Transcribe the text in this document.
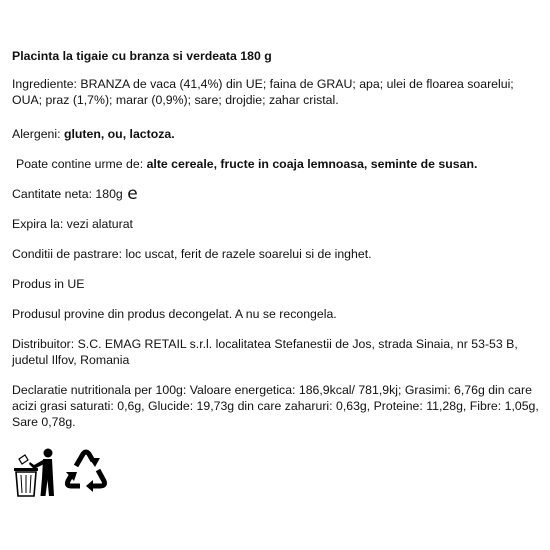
Placinta la tigaie cu branza si verdeata 180 g

Ingrediente: BRANZA de vaca (41,4%) din UE; faina de GRAU; apa; ulei de floarea soarelui; OUA; praz (1,7%); marar (0,9%); sare; drojdie; zahar cristal.

Alergeni: gluten, ou, lactoza.

Poate contine urme de: alte cereale, fructe in coaja lemnoasa, seminte de susan.

Cantitate neta: 180g e

Expira la: vezi alaturat

Conditii de pastrare: loc uscat, ferit de razele soarelui si de inghet.

Produs in UE

Produsul provine din produs decongelat. A nu se recongela.

Distribuitor: S.C. EMAG RETAIL s.r.l. localitatea Stefanestii de Jos, strada Sinaia, nr 53-53 B, judetul Ilfov, Romania

Declaratie nutritionala per 100g: Valoare energetica: 186,9kcal/ 781,9kj; Grasimi: 6,76g din care acizi grasi saturati: 0,6g, Glucide: 19,73g din care zaharuri: 0,63g, Proteine: 11,28g, Fibre: 1,05g, Sare 0,78g.
